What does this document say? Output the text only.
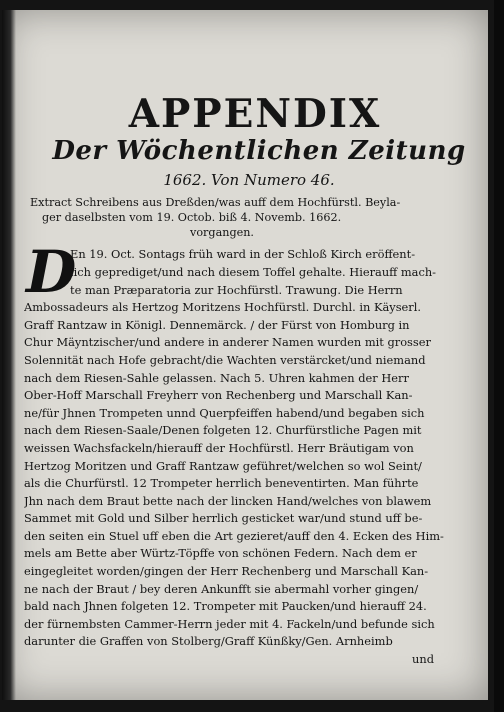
APPENDIX
Der Wöchentlichen Zeitung
1662. Von Numero 46.
Extract Schreibens aus Dreßden/was auff dem Hochfürstl. Beyla-
ger daselbsten vom 19. Octob. biß 4. Novemb. 1662.
vorgangen.
D
En 19. Oct. Sontags früh ward in der Schloß Kirch eröffent-
lich geprediget/und nach diesem Toffel gehalte. Hierauff mach-
te man Præparatoria zur Hochfürstl. Trawung. Die Herrn
Ambossadeurs als Hertzog Moritzens Hochfürstl. Durchl. in Käyserl.
Graff Rantzaw in Königl. Dennemärck. / der Fürst von Homburg in
Chur Mäyntzischer/und andere in anderer Namen wurden mit grosser
Solennität nach Hofe gebracht/die Wachten verstärcket/und niemand
nach dem Riesen-Sahle gelassen. Nach 5. Uhren kahmen der Herr
Ober-Hoff Marschall Freyherr von Rechenberg und Marschall Kan-
ne/für Jhnen Trompeten unnd Querpfeiffen habend/und begaben sich
nach dem Riesen-Saale/Denen folgeten 12. Churfürstliche Pagen mit
weissen Wachsfackeln/hierauff der Hochfürstl. Herr Bräutigam von
Hertzog Moritzen und Graff Rantzaw geführet/welchen so wol Seint/
als die Churfürstl. 12 Trompeter herrlich beneventirten. Man führte
Jhn nach dem Braut bette nach der lincken Hand/welches von blawem
Sammet mit Gold und Silber herrlich gesticket war/und stund uff be-
den seiten ein Stuel uff eben die Art gezieret/auff den 4. Ecken des Him-
mels am Bette aber Würtz-Töpffe von schönen Federn. Nach dem er
eingegleitet worden/gingen der Herr Rechenberg und Marschall Kan-
ne nach der Braut / bey deren Ankunfft sie abermahl vorher gingen/
bald nach Jhnen folgeten 12. Trompeter mit Paucken/und hierauff 24.
der fürnembsten Cammer-Herrn jeder mit 4. Fackeln/und befunde sich
darunter die Graffen von Stolberg/Graff Künßky/Gen. Arnheimb
und
